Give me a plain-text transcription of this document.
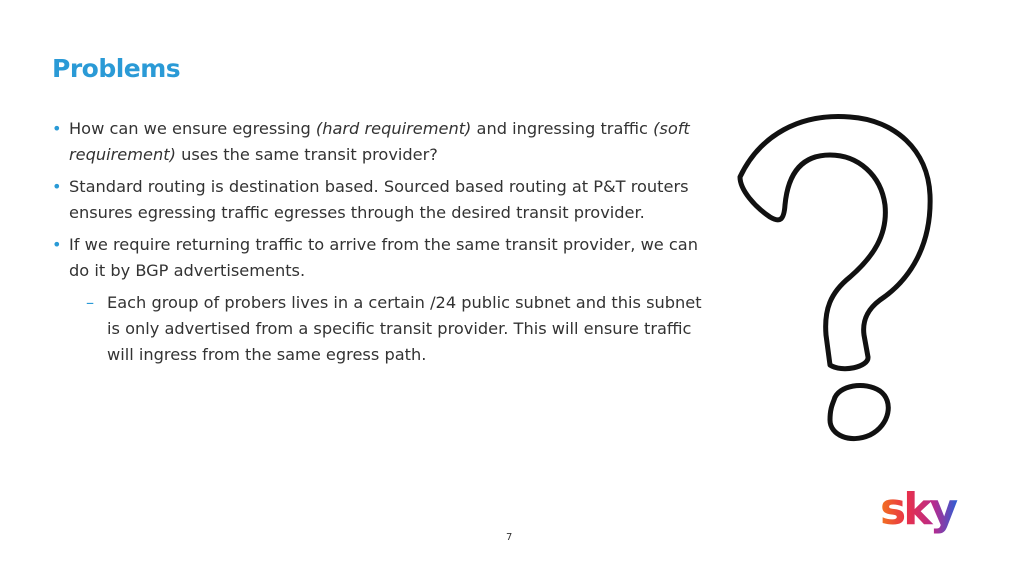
Problems
• How can we ensure egressing (hard requirement) and ingressing traffic (soft requirement) uses the same transit provider?
• Standard routing is destination based. Sourced based routing at P&T routers ensures egressing traffic egresses through the desired transit provider.
• If we require returning traffic to arrive from the same transit provider, we can do it by BGP advertisements.
– Each group of probers lives in a certain /24 public subnet and this subnet is only advertised from a specific transit provider. This will ensure traffic will ingress from the same egress path.
sky
7
